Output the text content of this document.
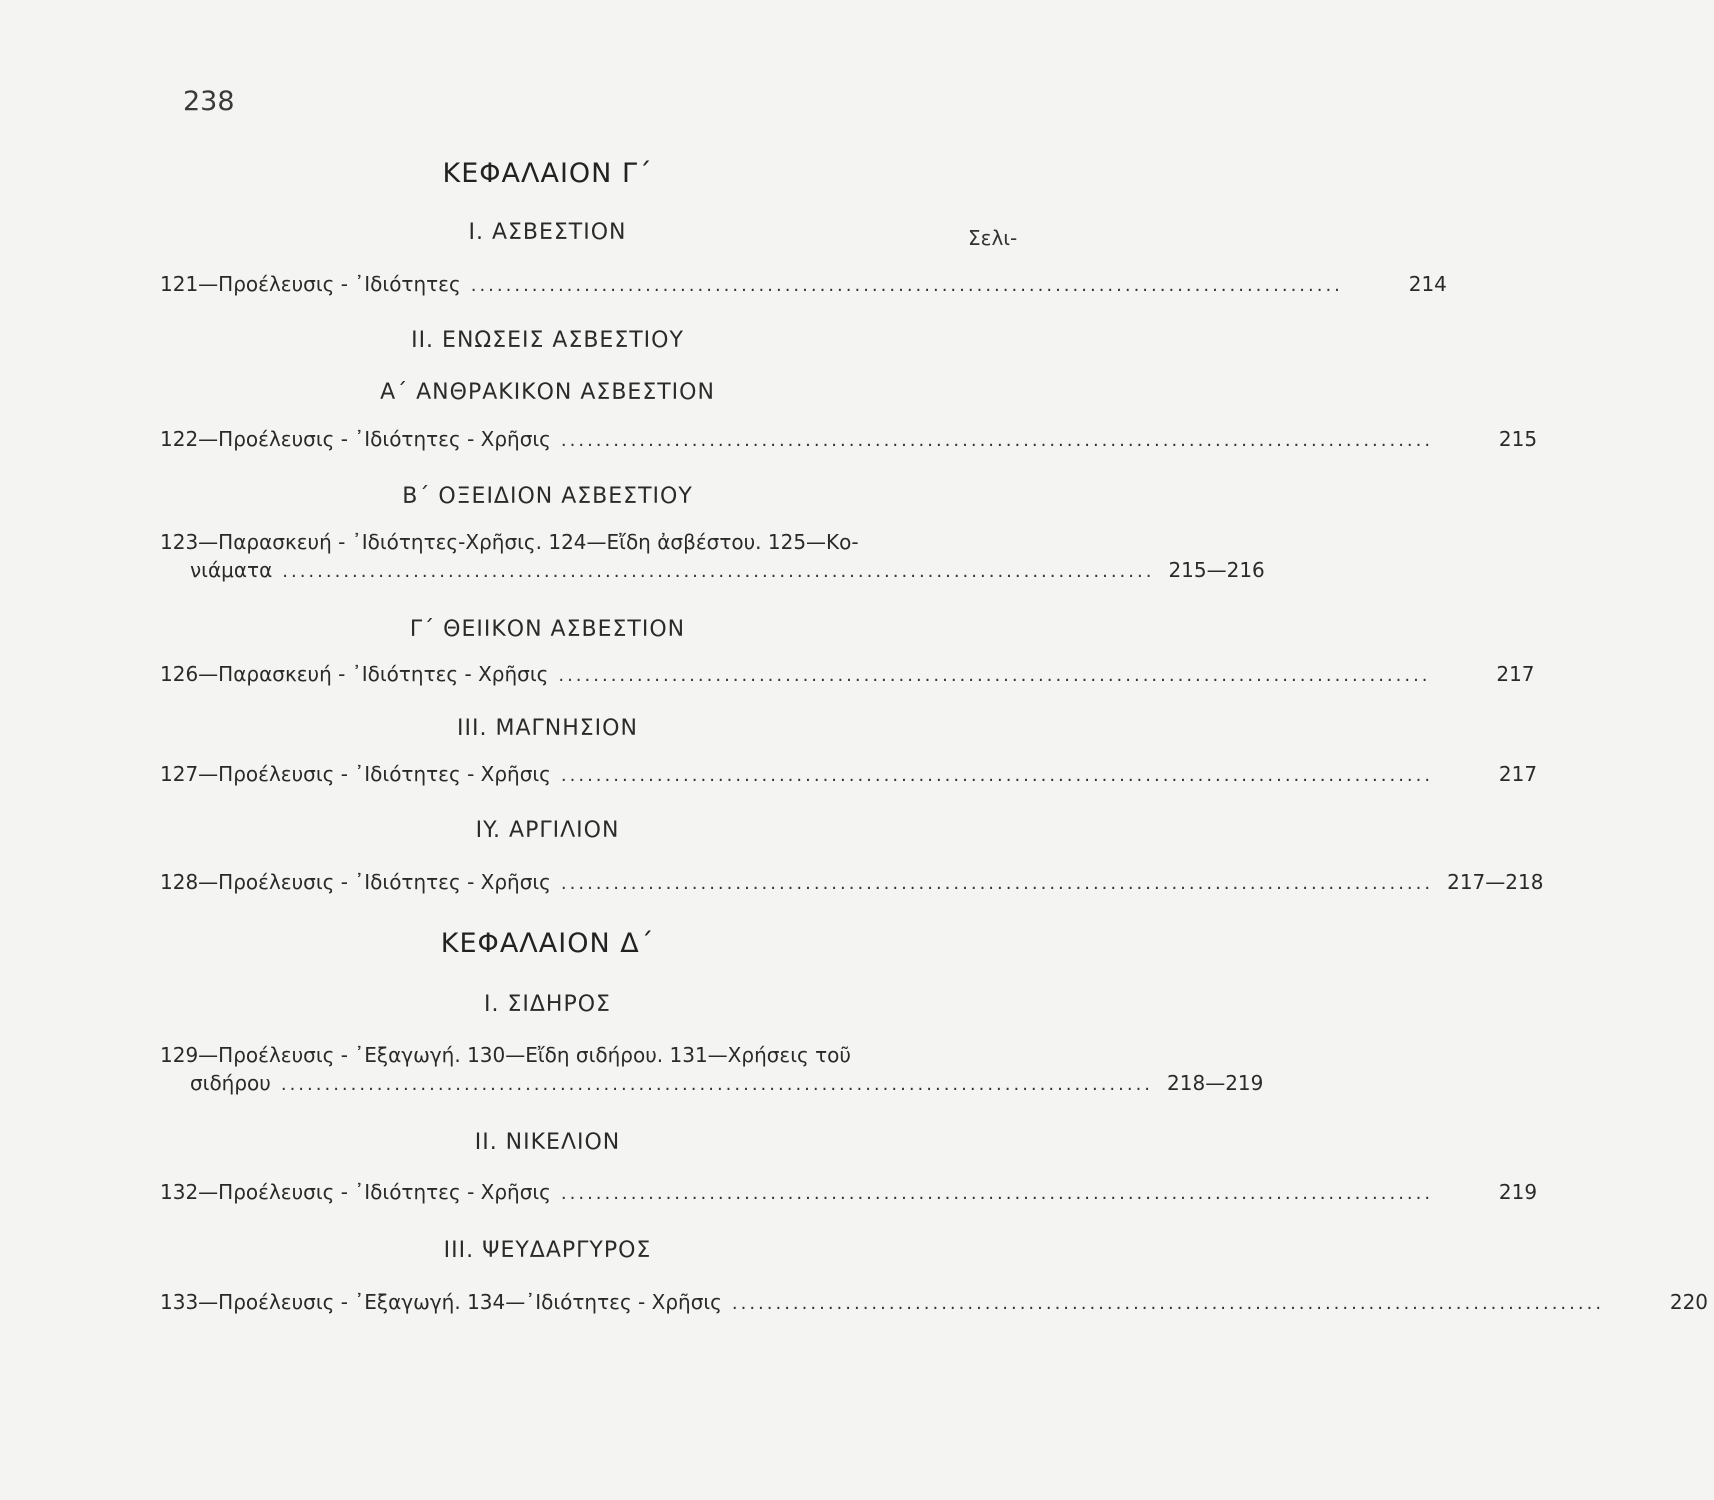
238
ΚΕΦΑΛΑΙΟΝ Γ΄
I. ΑΣΒΕΣΤΙΟΝ	Σελι-
121—Προέλευσις - ᾿Ιδιότητες ....................................................................................................	214
II. ΕΝΩΣΕΙΣ ΑΣΒΕΣΤΙΟΥ
Α΄ ΑΝΘΡΑΚΙΚΟΝ ΑΣΒΕΣΤΙΟΝ
122—Προέλευσις - ᾿Ιδιότητες - Χρῆσις ....................................................................................................	215
Β΄ ΟΞΕΙΔΙΟΝ ΑΣΒΕΣΤΙΟΥ
123—Παρασκευή - ᾿Ιδιότητες-Χρῆσις. 124—Εἴδη ἀσβέστου. 125—Κο-
νιάματα .................................................................................................... 215—216
Γ΄ ΘΕΙΙΚΟΝ ΑΣΒΕΣΤΙΟΝ
126—Παρασκευή - ᾿Ιδιότητες - Χρῆσις ....................................................................................................	217
III. ΜΑΓΝΗΣΙΟΝ
127—Προέλευσις - ᾿Ιδιότητες - Χρῆσις ....................................................................................................	217
IY. ΑΡΓΙΛΙΟΝ
128—Προέλευσις - ᾿Ιδιότητες - Χρῆσις .................................................................................................... 217—218
ΚΕΦΑΛΑΙΟΝ Δ΄
I. ΣΙΔΗΡΟΣ
129—Προέλευσις - ᾿Εξαγωγή. 130—Εἴδη σιδήρου. 131—Χρήσεις τοῦ
σιδήρου .................................................................................................... 218—219
II. ΝΙΚΕΛΙΟΝ
132—Προέλευσις - ᾿Ιδιότητες - Χρῆσις ....................................................................................................	219
III. ΨΕΥΔΑΡΓΥΡΟΣ
133—Προέλευσις - ᾿Εξαγωγή. 134—᾿Ιδιότητες - Χρῆσις ....................................................................................................	220
